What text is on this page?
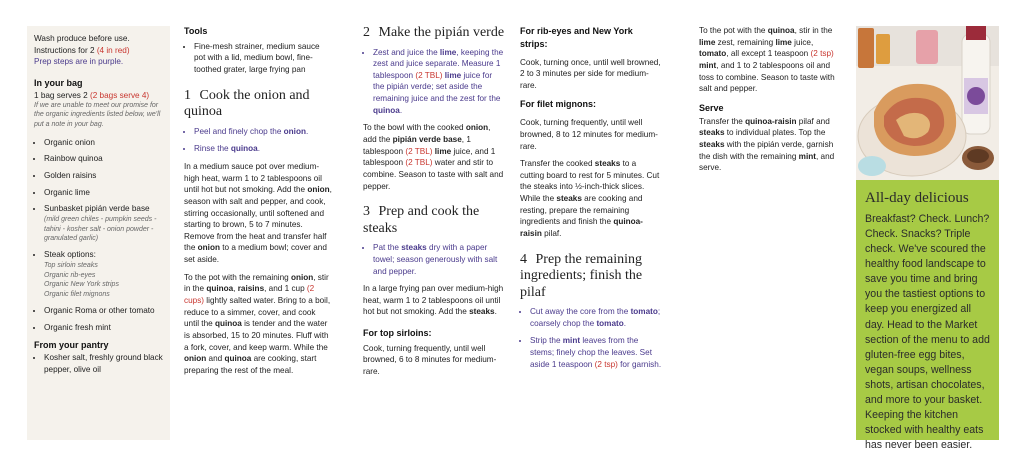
Wash produce before use.

Instructions for 2 (4 in red)

Prep steps are in purple.

In your bag

1 bag serves 2 (2 bags serve 4)

If we are unable to meet our promise for the organic ingredients listed below, we'll put a note in your bag.

• Organic onion
• Rainbow quinoa
• Golden raisins
• Organic lime
• Sunbasket pipián verde base
(mild green chiles - pumpkin seeds - tahini - kosher salt - onion powder - granulated garlic)
• Steak options:
Top sirloin steaks
Organic rib-eyes
Organic New York strips
Organic filet mignons
• Organic Roma or other tomato
• Organic fresh mint
From your pantry
• Kosher salt, freshly ground black pepper, olive oil

Tools

• Fine-mesh strainer, medium sauce pot with a lid, medium bowl, fine-toothed grater, large frying pan

1 Cook the onion and quinoa

• Peel and finely chop the onion.
• Rinse the quinoa.

In a medium sauce pot over medium-high heat, warm 1 to 2 tablespoons oil until hot but not smoking. Add the onion, season with salt and pepper, and cook, stirring occasionally, until softened and starting to brown, 5 to 7 minutes. Remove from the heat and transfer half the onion to a medium bowl; cover and set aside.

To the pot with the remaining onion, stir in the quinoa, raisins, and 1 cup (2 cups) lightly salted water. Bring to a boil, reduce to a simmer, cover, and cook until the quinoa is tender and the water is absorbed, 15 to 20 minutes. Fluff with a fork, cover, and keep warm. While the onion and quinoa are cooking, start preparing the rest of the meal.

2 Make the pipián verde

• Zest and juice the lime, keeping the zest and juice separate. Measure 1 tablespoon (2 TBL) lime juice for the pipián verde; set aside the remaining juice and the zest for the quinoa.

To the bowl with the cooked onion, add the pipián verde base, 1 tablespoon (2 TBL) lime juice, and 1 tablespoon (2 TBL) water and stir to combine. Season to taste with salt and pepper.

3 Prep and cook the steaks

• Pat the steaks dry with a paper towel; season generously with salt and pepper.

In a large frying pan over medium-high heat, warm 1 to 2 tablespoons oil until hot but not smoking. Add the steaks.

For top sirloins:

Cook, turning frequently, until well browned, 6 to 8 minutes for medium-rare.

For rib-eyes and New York strips:

Cook, turning once, until well browned, 2 to 3 minutes per side for medium-rare.

For filet mignons:

Cook, turning frequently, until well browned, 8 to 12 minutes for medium-rare.

Transfer the cooked steaks to a cutting board to rest for 5 minutes. Cut the steaks into ½-inch-thick slices. While the steaks are cooking and resting, prepare the remaining ingredients and finish the quinoa-raisin pilaf.

4 Prep the remaining ingredients; finish the pilaf

• Cut away the core from the tomato; coarsely chop the tomato.
• Strip the mint leaves from the stems; finely chop the leaves. Set aside 1 teaspoon (2 tsp) for garnish.

To the pot with the quinoa, stir in the lime zest, remaining lime juice, tomato, all except 1 teaspoon (2 tsp) mint, and 1 to 2 tablespoons oil and toss to combine. Season to taste with salt and pepper.

Serve

Transfer the quinoa-raisin pilaf and steaks to individual plates. Top the steaks with the pipián verde, garnish the dish with the remaining mint, and serve.

All-day delicious

Breakfast? Check. Lunch? Check. Snacks? Triple check. We've scoured the healthy food landscape to save you time and bring you the tastiest options to keep you energized all day. Head to the Market section of the menu to add gluten-free egg bites, vegan soups, wellness shots, artisan chocolates, and more to your basket. Keeping the kitchen stocked with healthy eats has never been easier.
